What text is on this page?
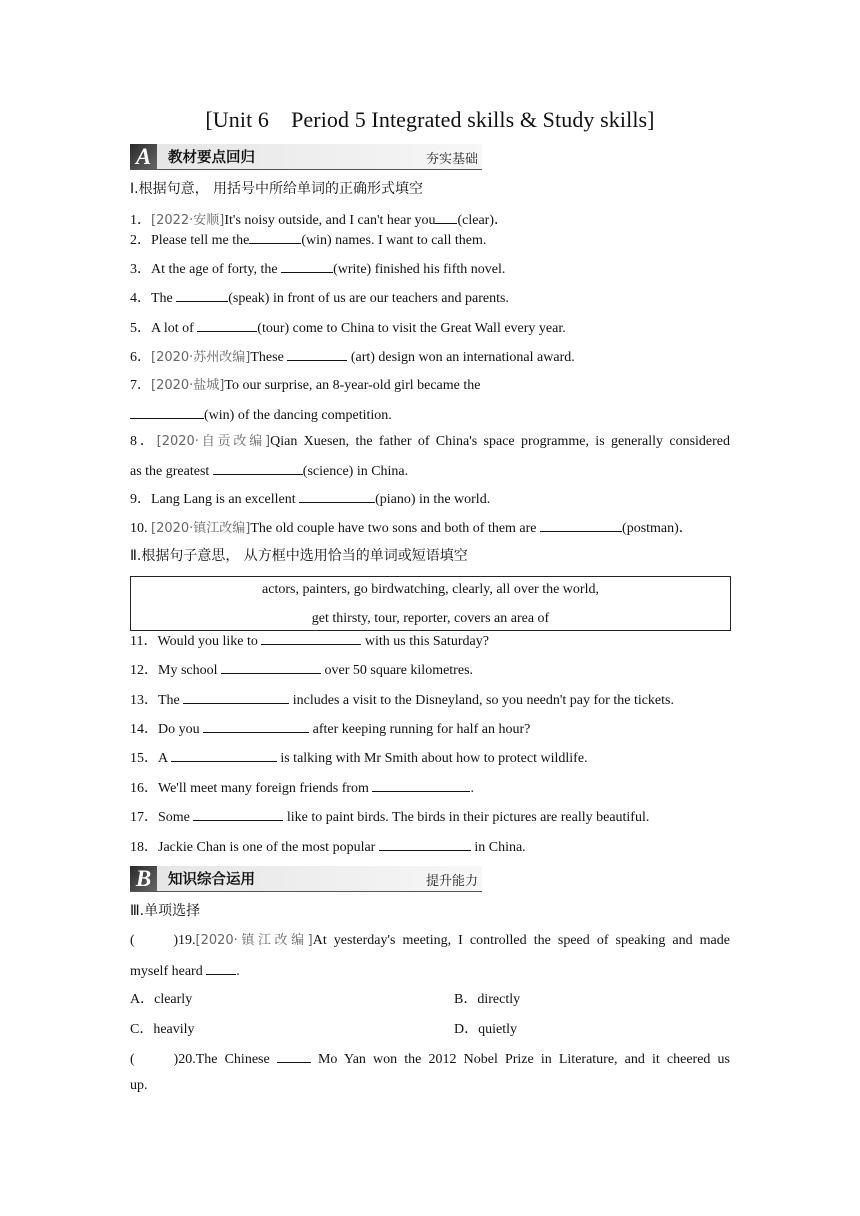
[Unit 6　Period 5 Integrated skills & Study skills]
A	教材要点回归	夯实基础
Ⅰ.根据句意， 用括号中所给单词的正确形式填空
1．[2022·安顺]It's noisy outside, and I can't hear you (clear)．
2．Please tell me the	(win) names. I want to call them.
3．At the age of forty, the	(write) finished his fifth novel.
4．The	(speak) in front of us are our teachers and parents.
5．A lot of	(tour) come to China to visit the Great Wall every year.
6．[2020·苏州改编]These	(art) design won an international award.
7．[2020·盐城]To our surprise, an 8-year-old girl became the
(win) of the dancing competition.
8．[2020·自贡改编]Qian Xuesen, the father of China's space programme, is generally considered
as the greatest	(science) in China.
9．Lang Lang is an excellent	(piano) in the world.
10. [2020·镇江改编]The old couple have two sons and both of them are	(postman)．
Ⅱ.根据句子意思， 从方框中选用恰当的单词或短语填空
actors, painters, go birdwatching, clearly, all over the world,
get thirsty, tour, reporter, covers an area of
11．Would you like to	with us this Saturday?
12．My school	over 50 square kilometres.
13．The	includes a visit to the Disneyland, so you needn't pay for the tickets.
14．Do you	after keeping running for half an hour?
15．A	is talking with Mr Smith about how to protect wildlife.
16．We'll meet many foreign friends from	.
17．Some	like to paint birds. The birds in their pictures are really beautiful.
18．Jackie Chan is one of the most popular	in China.
B	知识综合运用	提升能力
Ⅲ.单项选择
(　　)19.[2020·镇江改编]At yesterday's meeting, I controlled the speed of speaking and made
myself heard .
A．clearly	B．directly
C．heavily	D．quietly
(　　)20.The Chinese  Mo Yan won the 2012 Nobel Prize in Literature, and it cheered us
up.
